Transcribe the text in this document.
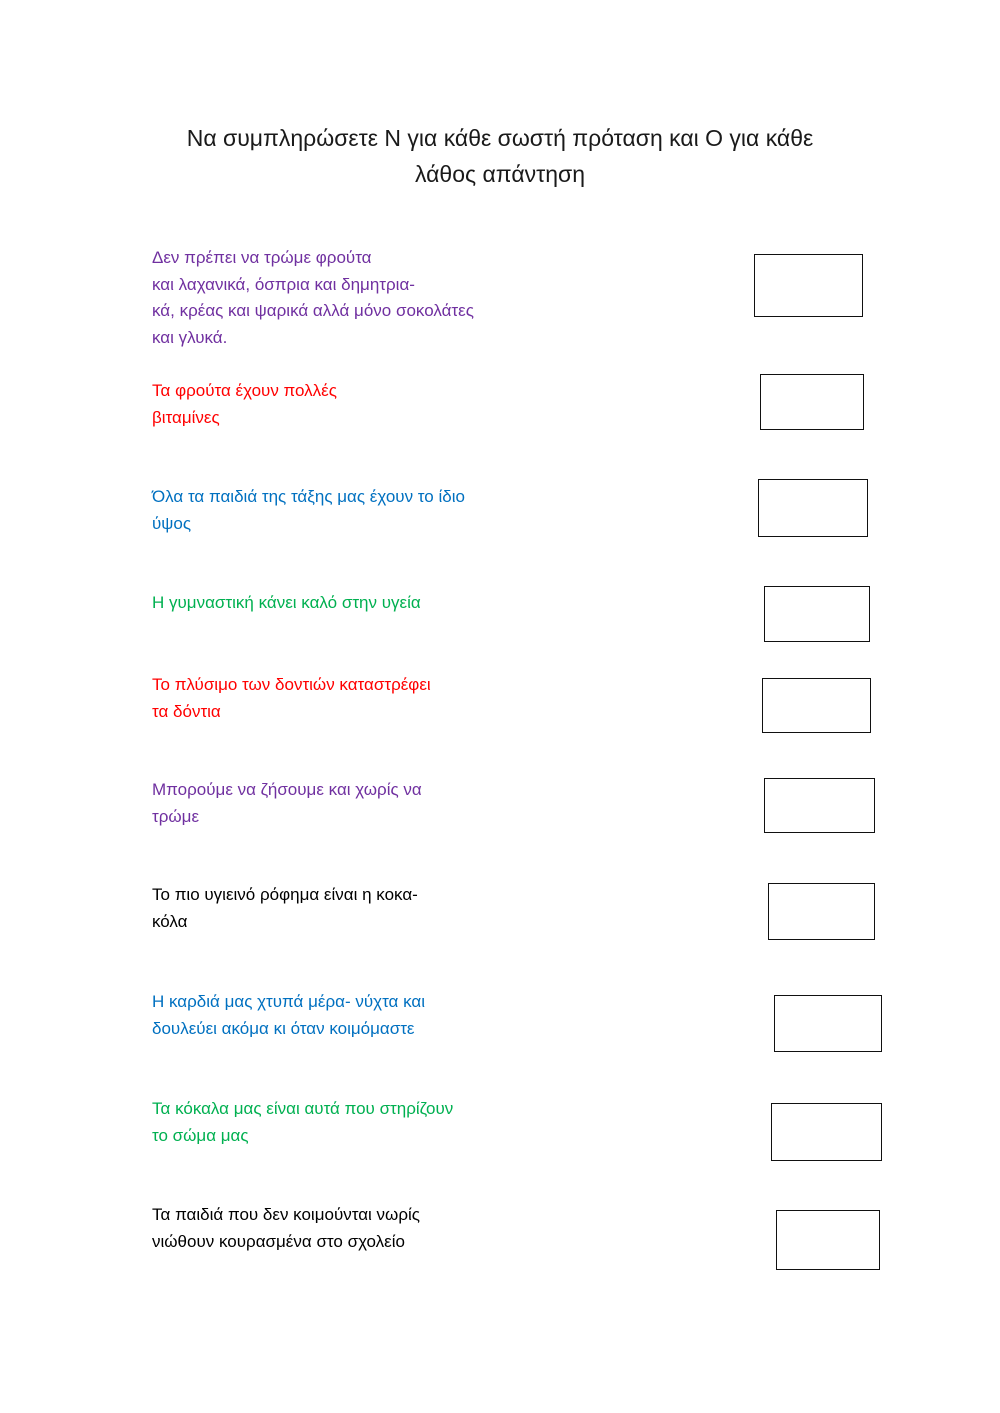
Να συμπληρώσετε Ν για κάθε σωστή πρόταση και Ο για κάθε
λάθος απάντηση
Δεν πρέπει να τρώμε φρούτα
και λαχανικά, όσπρια και δημητρια-
κά, κρέας και ψαρικά αλλά μόνο σοκολάτες
και γλυκά.
Τα φρούτα έχουν πολλές
βιταμίνες
Όλα τα παιδιά της τάξης μας έχουν το ίδιο
ύψος
Η γυμναστική κάνει καλό στην υγεία
Το πλύσιμο των δοντιών καταστρέφει
τα δόντια
Μπορούμε να ζήσουμε και χωρίς να
τρώμε
Το πιο υγιεινό ρόφημα είναι η κοκα-
κόλα
Η καρδιά μας χτυπά μέρα- νύχτα και
δουλεύει ακόμα κι όταν κοιμόμαστε
Τα κόκαλα μας είναι αυτά που στηρίζουν
το σώμα μας
Τα παιδιά που δεν κοιμούνται νωρίς
νιώθουν κουρασμένα στο σχολείο
